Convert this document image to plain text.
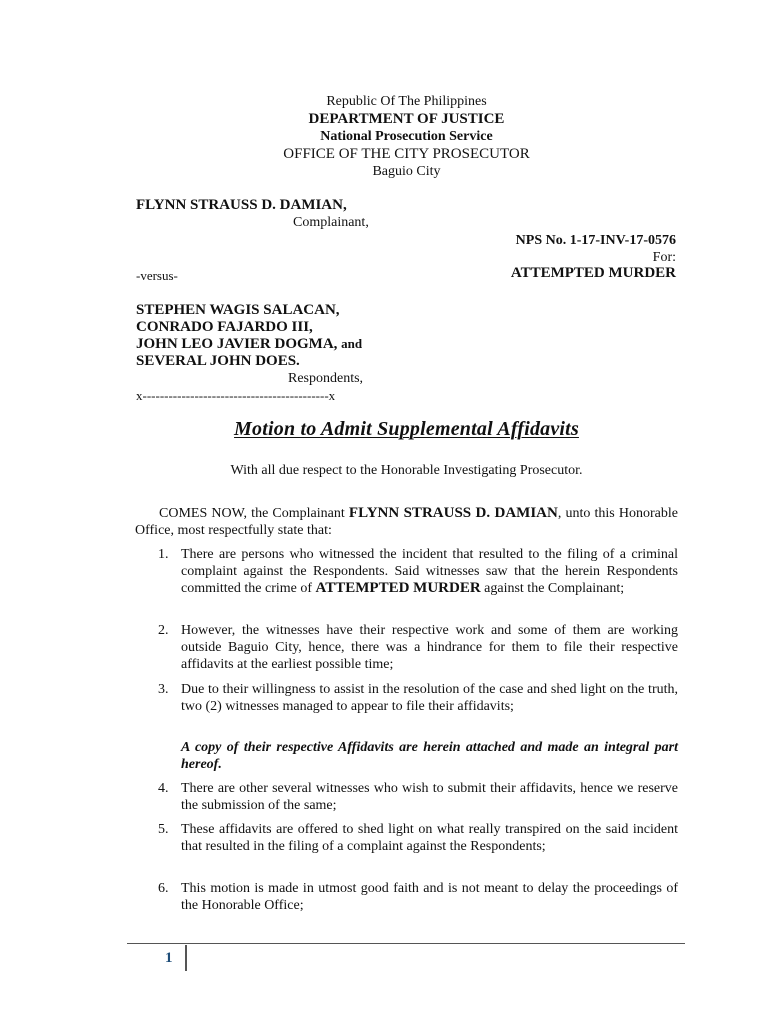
Republic Of The Philippines
DEPARTMENT OF JUSTICE
National Prosecution Service
OFFICE OF THE CITY PROSECUTOR
Baguio City
FLYNN STRAUSS D. DAMIAN,
Complainant,
NPS No. 1-17-INV-17-0576
For:
ATTEMPTED MURDER
-versus-
STEPHEN WAGIS SALACAN,
CONRADO FAJARDO III,
JOHN LEO JAVIER DOGMA, and
SEVERAL JOHN DOES.
Respondents,
x-------------------------------------------x
Motion to Admit Supplemental Affidavits
With all due respect to the Honorable Investigating Prosecutor.
COMES NOW, the Complainant FLYNN STRAUSS D. DAMIAN, unto this Honorable Office, most respectfully state that:
1. There are persons who witnessed the incident that resulted to the filing of a criminal complaint against the Respondents. Said witnesses saw that the herein Respondents committed the crime of ATTEMPTED MURDER against the Complainant;
2. However, the witnesses have their respective work and some of them are working outside Baguio City, hence, there was a hindrance for them to file their respective affidavits at the earliest possible time;
3. Due to their willingness to assist in the resolution of the case and shed light on the truth, two (2) witnesses managed to appear to file their affidavits;
A copy of their respective Affidavits are herein attached and made an integral part hereof.
4. There are other several witnesses who wish to submit their affidavits, hence we reserve the submission of the same;
5. These affidavits are offered to shed light on what really transpired on the said incident that resulted in the filing of a complaint against the Respondents;
6. This motion is made in utmost good faith and is not meant to delay the proceedings of the Honorable Office;
1
